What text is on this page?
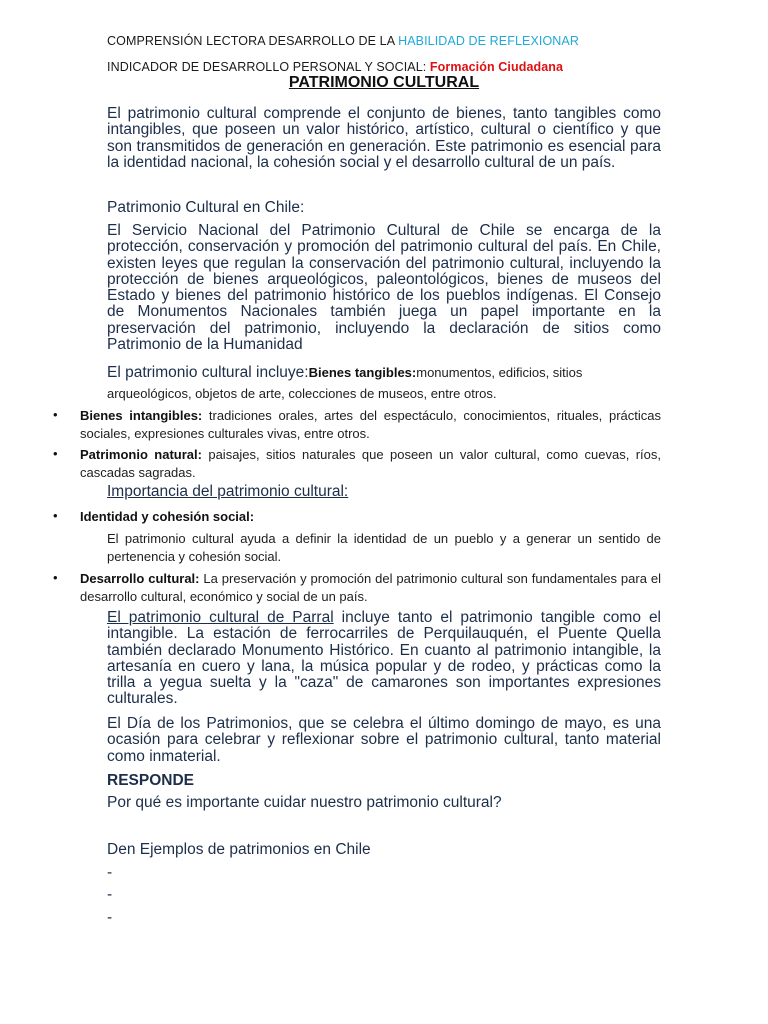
COMPRENSIÓN LECTORA DESARROLLO DE LA HABILIDAD DE REFLEXIONAR
INDICADOR DE DESARROLLO PERSONAL Y SOCIAL: Formación Ciudadana
PATRIMONIO CULTURAL
El patrimonio cultural comprende el conjunto de bienes, tanto tangibles como intangibles, que poseen un valor histórico, artístico, cultural o científico y que son transmitidos de generación en generación. Este patrimonio es esencial para la identidad nacional, la cohesión social y el desarrollo cultural de un país.
Patrimonio Cultural en Chile:
El Servicio Nacional del Patrimonio Cultural de Chile se encarga de la protección, conservación y promoción del patrimonio cultural del país. En Chile, existen leyes que regulan la conservación del patrimonio cultural, incluyendo la protección de bienes arqueológicos, paleontológicos, bienes de museos del Estado y bienes del patrimonio histórico de los pueblos indígenas. El Consejo de Monumentos Nacionales también juega un papel importante en la preservación del patrimonio, incluyendo la declaración de sitios como Patrimonio de la Humanidad
El patrimonio cultural incluye:Bienes tangibles:monumentos, edificios, sitios arqueológicos, objetos de arte, colecciones de museos, entre otros.
• Bienes intangibles: tradiciones orales, artes del espectáculo, conocimientos, rituales, prácticas sociales, expresiones culturales vivas, entre otros.
• Patrimonio natural: paisajes, sitios naturales que poseen un valor cultural, como cuevas, ríos, cascadas sagradas.
Importancia del patrimonio cultural:
• Identidad y cohesión social:
El patrimonio cultural ayuda a definir la identidad de un pueblo y a generar un sentido de pertenencia y cohesión social.
• Desarrollo cultural: La preservación y promoción del patrimonio cultural son fundamentales para el desarrollo cultural, económico y social de un país.
El patrimonio cultural de Parral incluye tanto el patrimonio tangible como el intangible. La estación de ferrocarriles de Perquilauquén, el Puente Quella también declarado Monumento Histórico. En cuanto al patrimonio intangible, la artesanía en cuero y lana, la música popular y de rodeo, y prácticas como la trilla a yegua suelta y la "caza" de camarones son importantes expresiones culturales.
El Día de los Patrimonios, que se celebra el último domingo de mayo, es una ocasión para celebrar y reflexionar sobre el patrimonio cultural, tanto material como inmaterial.
RESPONDE
Por qué es importante cuidar nuestro patrimonio cultural?
Den Ejemplos de patrimonios en Chile
-
-
-
